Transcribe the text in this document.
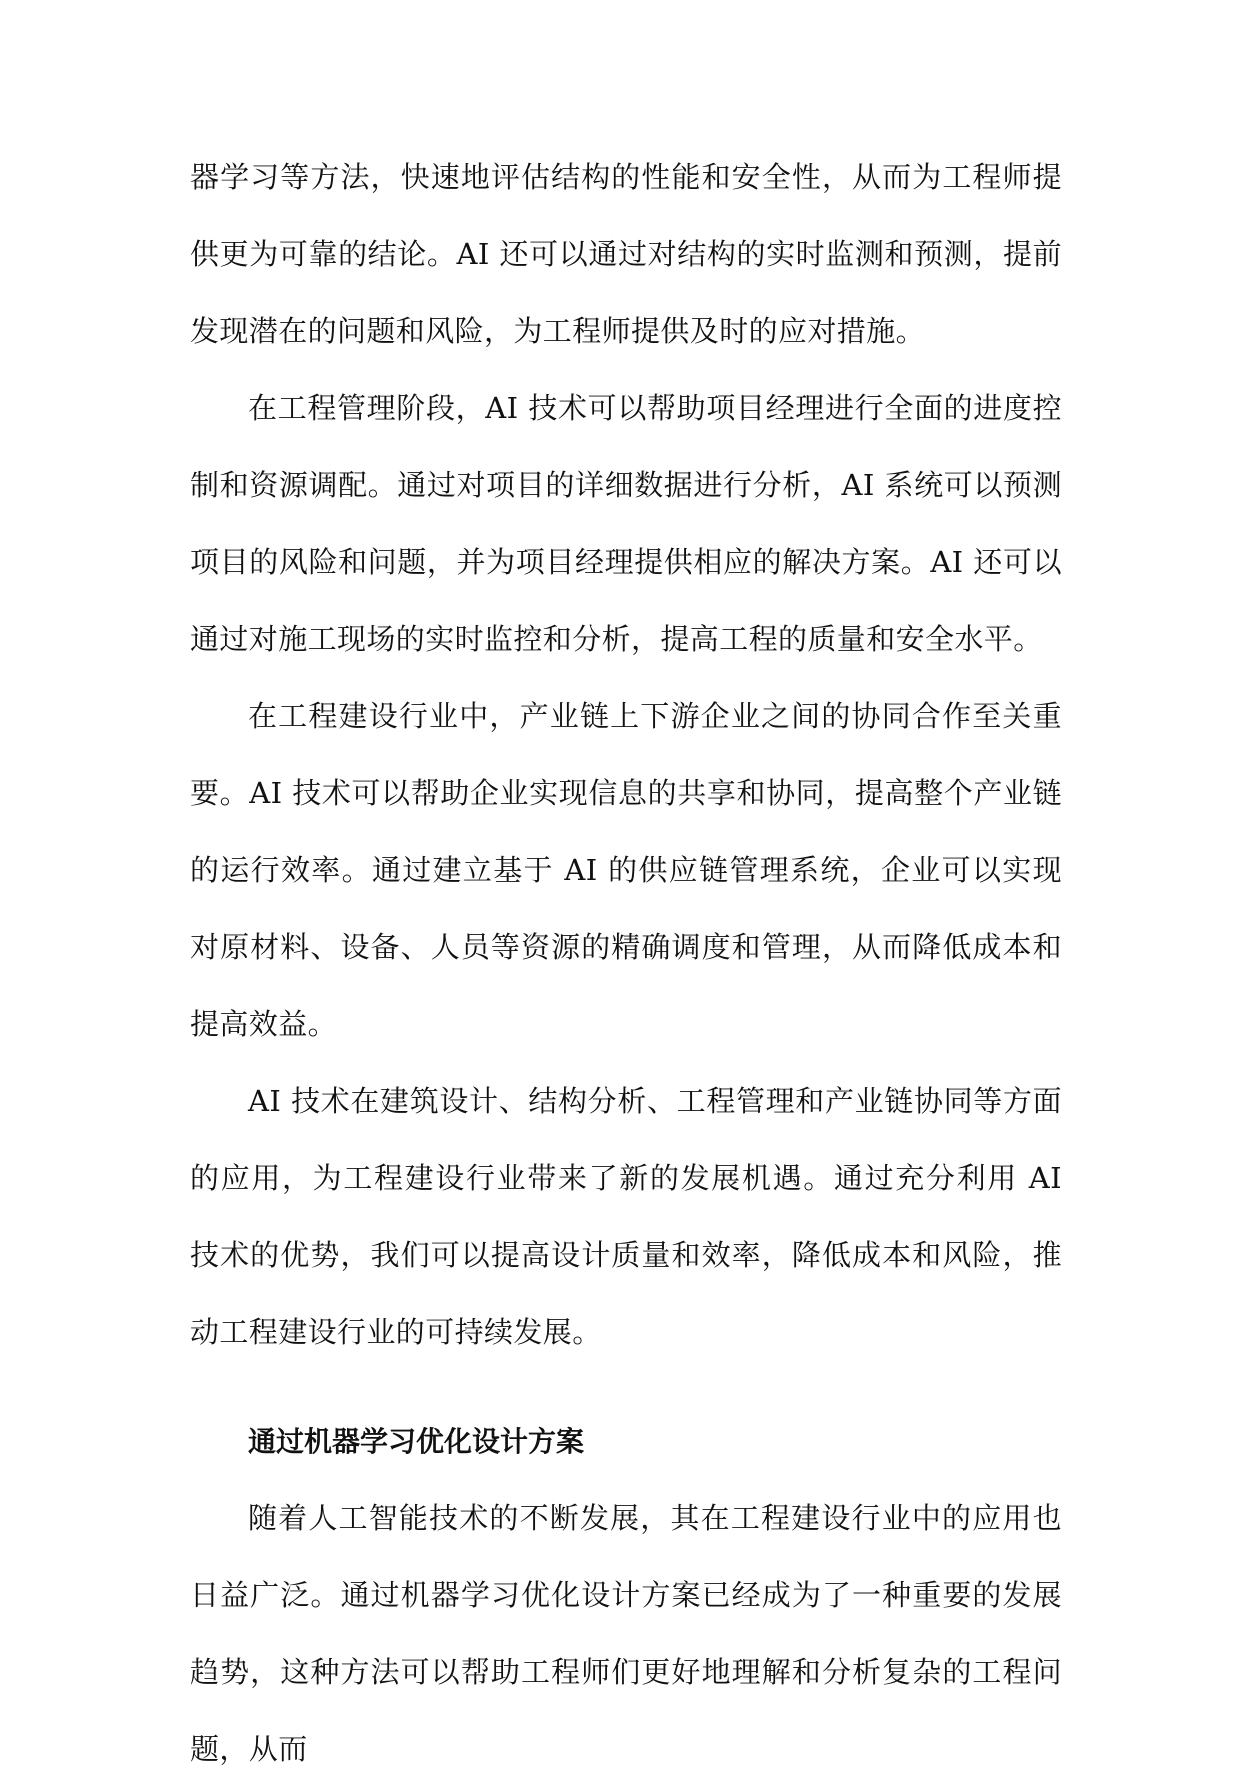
器学习等方法，快速地评估结构的性能和安全性，从而为工程师提供更为可靠的结论。AI 还可以通过对结构的实时监测和预测，提前发现潜在的问题和风险，为工程师提供及时的应对措施。

在工程管理阶段，AI 技术可以帮助项目经理进行全面的进度控制和资源调配。通过对项目的详细数据进行分析，AI 系统可以预测项目的风险和问题，并为项目经理提供相应的解决方案。AI 还可以通过对施工现场的实时监控和分析，提高工程的质量和安全水平。

在工程建设行业中，产业链上下游企业之间的协同合作至关重要。AI 技术可以帮助企业实现信息的共享和协同，提高整个产业链的运行效率。通过建立基于 AI 的供应链管理系统，企业可以实现对原材料、设备、人员等资源的精确调度和管理，从而降低成本和提高效益。

AI 技术在建筑设计、结构分析、工程管理和产业链协同等方面的应用，为工程建设行业带来了新的发展机遇。通过充分利用 AI 技术的优势，我们可以提高设计质量和效率，降低成本和风险，推动工程建设行业的可持续发展。

通过机器学习优化设计方案

随着人工智能技术的不断发展，其在工程建设行业中的应用也日益广泛。通过机器学习优化设计方案已经成为了一种重要的发展趋势，这种方法可以帮助工程师们更好地理解和分析复杂的工程问题，从而
